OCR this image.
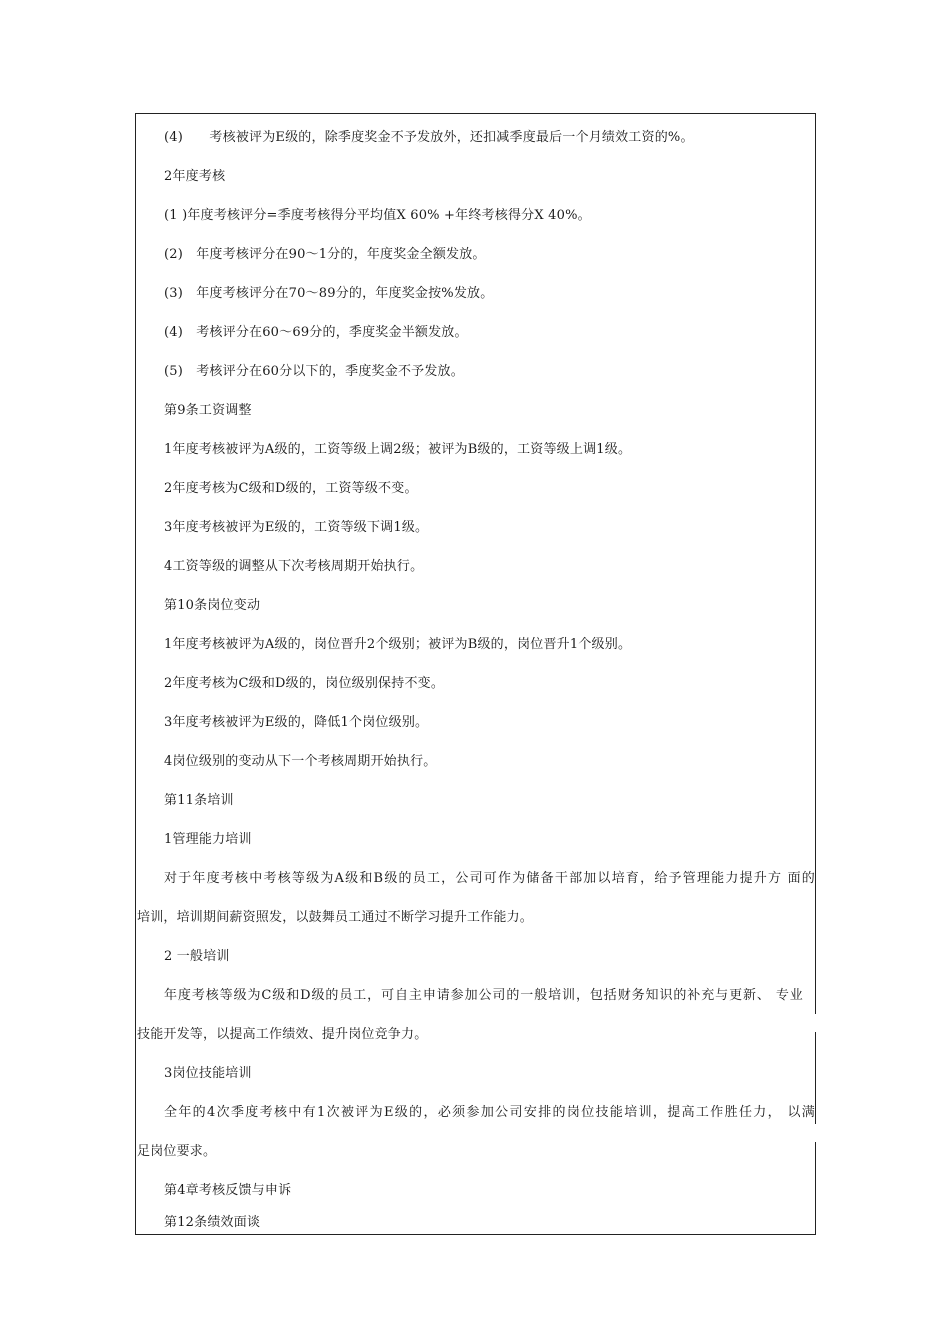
(4)　　考核被评为E级的，除季度奖金不予发放外，还扣减季度最后一个月绩效工资的%。

2年度考核

(1 )年度考核评分=季度考核得分平均值X 60% +年终考核得分X 40%。

(2)　年度考核评分在90〜1分的，年度奖金全额发放。

(3)　年度考核评分在70〜89分的，年度奖金按%发放。

(4)　考核评分在60〜69分的，季度奖金半额发放。

(5)　考核评分在60分以下的，季度奖金不予发放。

第9条工资调整

1年度考核被评为A级的，工资等级上调2级；被评为B级的，工资等级上调1级。

2年度考核为C级和D级的，工资等级不变。

3年度考核被评为E级的，工资等级下调1级。

4工资等级的调整从下次考核周期开始执行。

第10条岗位变动

1年度考核被评为A级的，岗位晋升2个级别；被评为B级的，岗位晋升1个级别。

2年度考核为C级和D级的，岗位级别保持不变。

3年度考核被评为E级的，降低1个岗位级别。

4岗位级别的变动从下一个考核周期开始执行。

第11条培训

1管理能力培训

对于年度考核中考核等级为A级和B级的员工，公司可作为储备干部加以培育，给予管理能力提升方 面的

培训，培训期间薪资照发，以鼓舞员工通过不断学习提升工作能力。

2 一般培训

年度考核等级为C级和D级的员工，可自主申请参加公司的一般培训，包括财务知识的补充与更新、 专业

技能开发等，以提高工作绩效、提升岗位竞争力。

3岗位技能培训

全年的4次季度考核中有1次被评为E级的，必须参加公司安排的岗位技能培训，提高工作胜任力， 以满

足岗位要求。

第4章考核反馈与申诉

第12条绩效面谈
